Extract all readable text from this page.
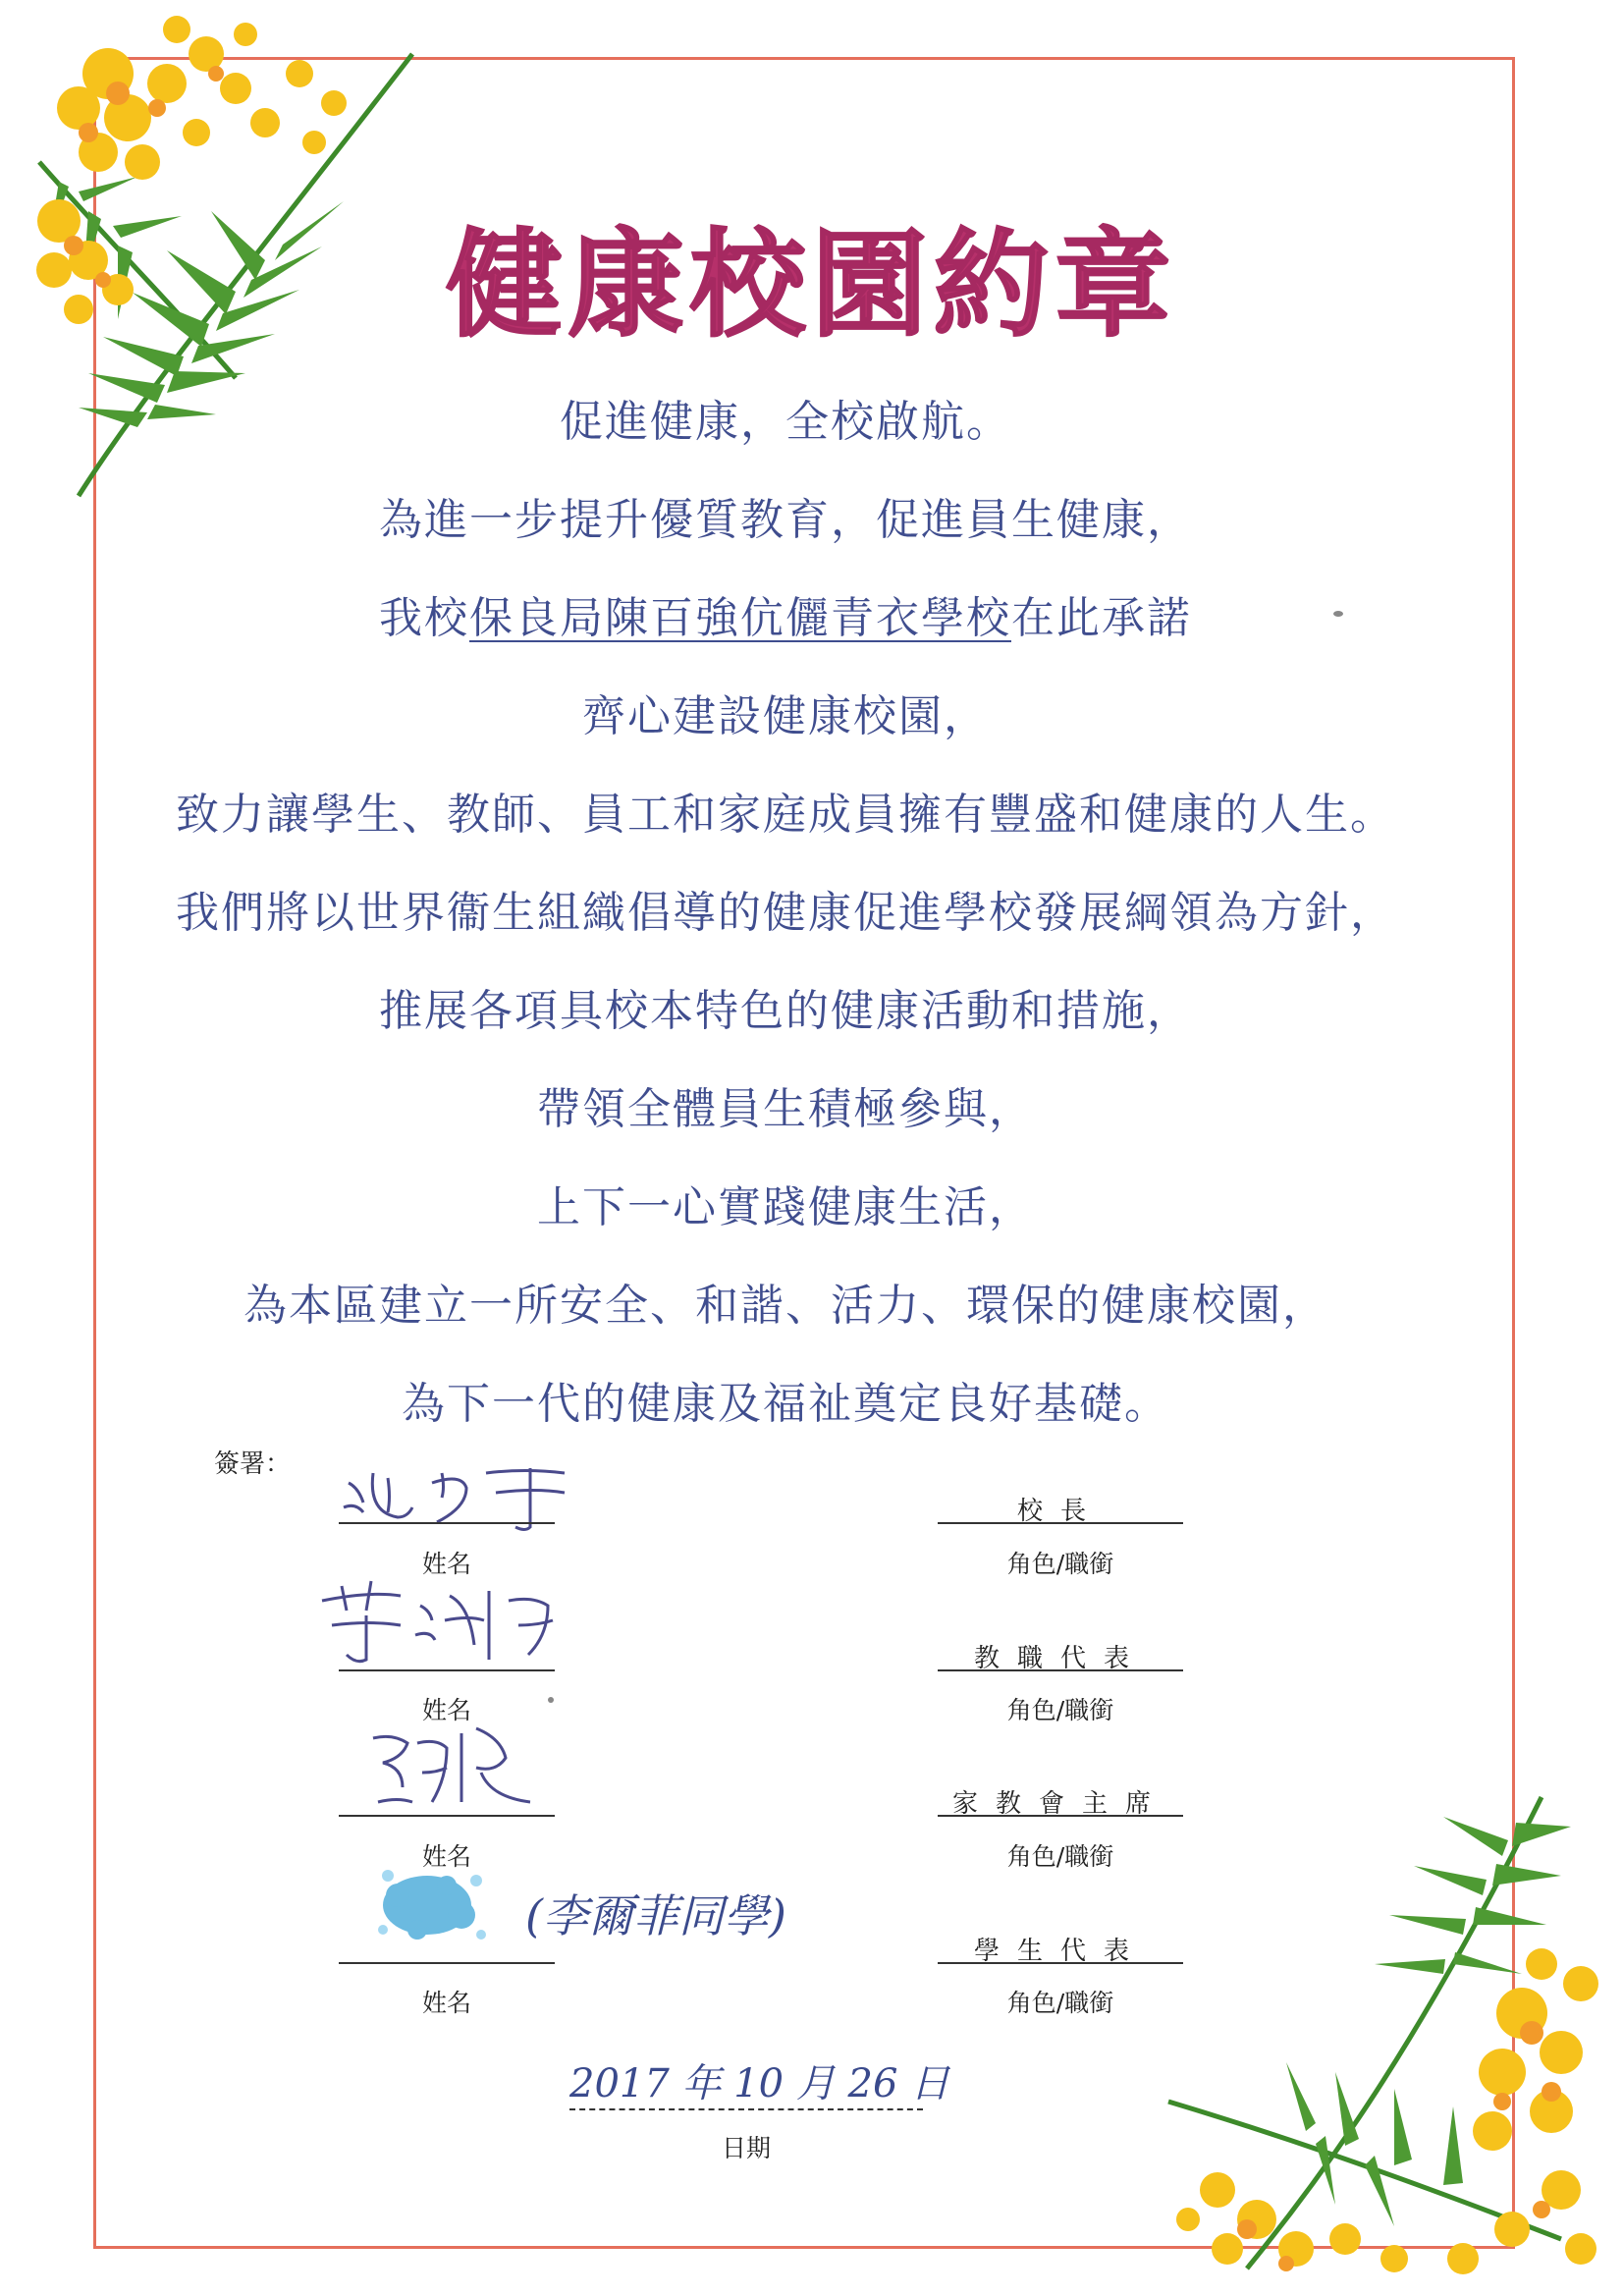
健康校園約章
促進健康，全校啟航。
為進一步提升優質教育，促進員生健康，
我校保良局陳百強伉儷青衣學校在此承諾
齊心建設健康校園，
致力讓學生、教師、員工和家庭成員擁有豐盛和健康的人生。
我們將以世界衞生組織倡導的健康促進學校發展綱領為方針，
推展各項具校本特色的健康活動和措施，
帶領全體員生積極參與，
上下一心實踐健康生活，
為本區建立一所安全、和諧、活力、環保的健康校園，
為下一代的健康及福祉奠定良好基礎。
簽署：
姓名
校長
角色/職銜
姓名
教職代表
角色/職銜
姓名
家教會主席
角色/職銜
(李爾菲同學)
姓名
學生代表
角色/職銜
2017 年 10 月 26 日
日期
